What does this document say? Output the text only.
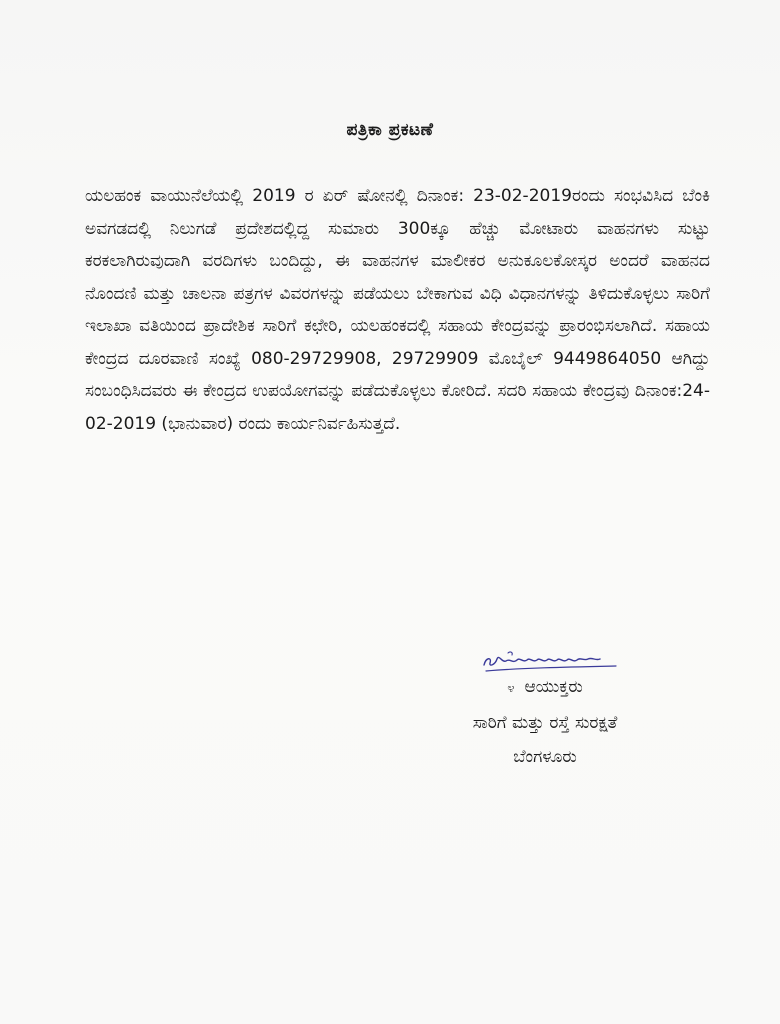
ಪತ್ರಿಕಾ ಪ್ರಕಟಣೆ

ಯಲಹಂಕ ವಾಯುನೆಲೆಯಲ್ಲಿ 2019 ರ ಏರ್ ಷೋನಲ್ಲಿ ದಿನಾಂಕ: 23-02-2019ರಂದು ಸಂಭವಿಸಿದ ಬೆಂಕಿ ಅವಗಡದಲ್ಲಿ ನಿಲುಗಡೆ ಪ್ರದೇಶದಲ್ಲಿದ್ದ ಸುಮಾರು 300ಕ್ಕೂ ಹೆಚ್ಚು ಮೋಟಾರು ವಾಹನಗಳು ಸುಟ್ಟು ಕರಕಲಾಗಿರುವುದಾಗಿ ವರದಿಗಳು ಬಂದಿದ್ದು, ಈ ವಾಹನಗಳ ಮಾಲೀಕರ ಅನುಕೂಲಕೋಸ್ಕರ ಅಂದರೆ ವಾಹನದ ನೊಂದಣಿ ಮತ್ತು ಚಾಲನಾ ಪತ್ರಗಳ ವಿವರಗಳನ್ನು ಪಡೆಯಲು ಬೇಕಾಗುವ ವಿಧಿ ವಿಧಾನಗಳನ್ನು ತಿಳಿದುಕೊಳ್ಳಲು ಸಾರಿಗೆ ಇಲಾಖಾ ವತಿಯಿಂದ ಪ್ರಾದೇಶಿಕ ಸಾರಿಗೆ ಕಛೇರಿ, ಯಲಹಂಕದಲ್ಲಿ ಸಹಾಯ ಕೇಂದ್ರವನ್ನು ಪ್ರಾರಂಭಿಸಲಾಗಿದೆ. ಸಹಾಯ ಕೇಂದ್ರದ ದೂರವಾಣಿ ಸಂಖ್ಯೆ 080-29729908, 29729909 ಮೊಬೈಲ್ 9449864050 ಆಗಿದ್ದು ಸಂಬಂಧಿಸಿದವರು ಈ ಕೇಂದ್ರದ ಉಪಯೋಗವನ್ನು ಪಡೆದುಕೊಳ್ಳಲು ಕೋರಿದೆ. ಸದರಿ ಸಹಾಯ ಕೇಂದ್ರವು ದಿನಾಂಕ:24-02-2019 (ಭಾನುವಾರ) ರಂದು ಕಾರ್ಯನಿರ್ವಹಿಸುತ್ತದೆ.

೪ ಆಯುಕ್ತರು
ಸಾರಿಗೆ ಮತ್ತು ರಸ್ತೆ ಸುರಕ್ಷತೆ
ಬೆಂಗಳೂರು
